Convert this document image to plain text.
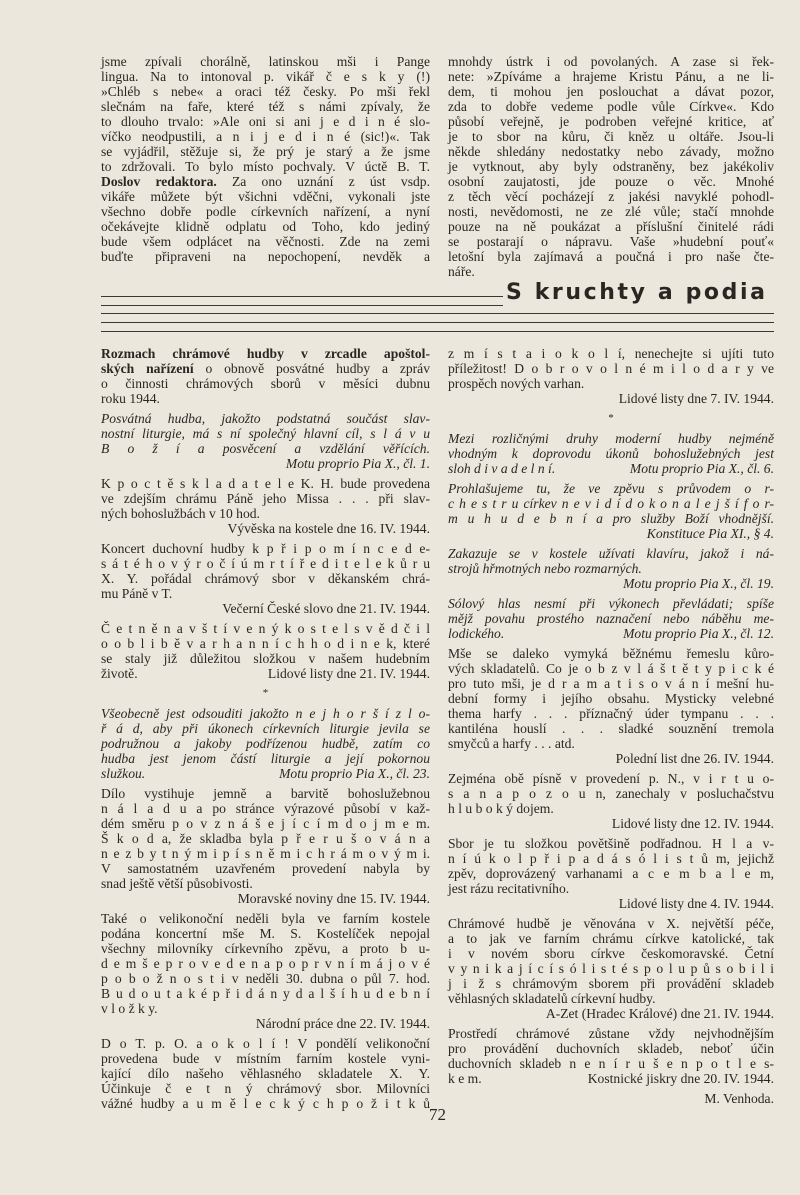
jsme zpívali chorálně, latinskou mši i Pange
lingua. Na to intonoval p. vikář č e s k y (!)
»Chléb s nebe« a oraci též česky. Po mši řekl
slečnám na faře, které též s námi zpívaly, že
to dlouho trvalo: »Ale oni si ani j e d i n é slo-
víčko neodpustili, a n i j e d i n é (sic!)«. Tak
se vyjádřil, stěžuje si, že prý je starý a že jsme
to zdržovali. To bylo místo pochvaly. V úctě B. T.
Doslov redaktora. Za ono uznání z úst vsdp.
vikáře můžete být všichni vděčni, vykonali jste
všechno dobře podle církevních nařízení, a nyní
očekávejte klidně odplatu od Toho, kdo jediný
bude všem odplácet na věčnosti. Zde na zemi
buďte připraveni na nepochopení, nevděk a
mnohdy ústrk i od povolaných. A zase si řek-
nete: »Zpíváme a hrajeme Kristu Pánu, a ne li-
dem, ti mohou jen poslouchat a dávat pozor,
zda to dobře vedeme podle vůle Církve«. Kdo
působí veřejně, je podroben veřejné kritice, ať
je to sbor na kůru, či kněz u oltáře. Jsou-li
někde shledány nedostatky nebo závady, možno
je vytknout, aby byly odstraněny, bez jakékoliv
osobní zaujatosti, jde pouze o věc. Mnohé
z těch věcí pocházejí z jakési navyklé pohodl-
nosti, nevědomosti, ne ze zlé vůle; stačí mnohde
pouze na ně poukázat a příslušní činitelé rádi
se postarají o nápravu. Vaše »hudební pouť«
letošní byla zajímavá a poučná i pro naše čte-
náře.
S kruchty a podia
Rozmach chrámové hudby v zrcadle apoštol-
ských nařízení o obnově posvátné hudby a zpráv
o činnosti chrámových sborů v měsíci dubnu
roku 1944.
Posvátná hudba, jakožto podstatná součást slav-
nostní liturgie, má s ní společný hlavní cíl, s l á v u
B o ž í a posvěcení a vzdělání věřících.
Motu proprio Pia X., čl. 1.
K p o c t ě s k l a d a t e l e K. H. bude provedena
ve zdejším chrámu Páně jeho Missa . . . při slav-
ných bohoslužbách v 10 hod.
Vývěska na kostele dne 16. IV. 1944.
Koncert duchovní hudby k p ř i p o m í n c e d e-
s á t é h o v ý r o č í ú m r t í ř e d i t e l e k ů r u
X. Y. pořádal chrámový sbor v děkanském chrá-
mu Páně v T.
Večerní České slovo dne 21. IV. 1944.
Č e t n ě n a v š t í v e n ý k o s t e l s v ě d č i l
o o b l i b ě v a r h a n n í c h h o d i n e k, které
se staly již důležitou složkou v našem hudebním
životě.	Lidové listy dne 21. IV. 1944.
*
Všeobecně jest odsouditi jakožto n e j h o r š í z l o-
ř á d, aby při úkonech církevních liturgie jevila se
podružnou a jakoby podřízenou hudbě, zatím co
hudba jest jenom částí liturgie a její pokornou
služkou.	Motu proprio Pia X., čl. 23.
Dílo vystihuje jemně a barvitě bohoslužebnou
n á l a d u a po stránce výrazové působí v kaž-
dém směru p o v z n á š e j í c í m d o j m e m.
Š k o d a, že skladba byla p ř e r u š o v á n a
n e z b y t n ý m i p í s n ě m i c h r á m o v ý m i.
V samostatném uzavřeném provedení nabyla by
snad ještě větší působivosti.
Moravské noviny dne 15. IV. 1944.
Také o velikonoční neděli byla ve farním kostele
podána koncertní mše M. S. Kostelíček nepojal
všechny milovníky církevního zpěvu, a proto b u-
d e m š e p r o v e d e n a p o p r v n í m á j o v é
p o b o ž n o s t i v neděli 30. dubna o půl 7. hod.
B u d o u t a k é p ř i d á n y d a l š í h u d e b n í
v l o ž k y.
Národní práce dne 22. IV. 1944.
D o T. p. O. a o k o l í ! V pondělí velikonoční
provedena bude v místním farním kostele vyni-
kající dílo našeho věhlasného skladatele X. Y.
Účinkuje č e t n ý chrámový sbor. Milovníci
vážné hudby a u m ě l e c k ý c h p o ž i t k ů
z m í s t a i o k o l í, nenechejte si ujíti tuto
příležitost! D o b r o v o l n é m i l o d a r y ve
prospěch nových varhan.
Lidové listy dne 7. IV. 1944.
*
Mezi rozličnými druhy moderní hudby nejméně
vhodným k doprovodu úkonů bohoslužebných jest
sloh d i v a d e l n í.	Motu proprio Pia X., čl. 6.
Prohlašujeme tu, že ve zpěvu s průvodem o r-
c h e s t r u církev n e v i d í d o k o n a l e j š í f o r-
m u h u d e b n í a pro služby Boží vhodnější.
Konstituce Pia XI., § 4.
Zakazuje se v kostele užívati klavíru, jakož i ná-
strojů hřmotných nebo rozmarných.
Motu proprio Pia X., čl. 19.
Sólový hlas nesmí při výkonech převládati; spíše
mějž povahu prostého naznačení nebo náběhu me-
lodického.	Motu proprio Pia X., čl. 12.
Mše se daleko vymyká běžnému řemeslu kůro-
vých skladatelů. Co je o b z v l á š t ě t y p i c k é
pro tuto mši, je d r a m a t i s o v á n í mešní hu-
dební formy i jejího obsahu. Mysticky velebné
thema harfy . . . příznačný úder tympanu . . .
kantiléna houslí . . . sladké souznění tremola
smyčců a harfy . . . atd.
Polední list dne 26. IV. 1944.
Zejména obě písně v provedení p. N., v i r t u o-
s a n a p o z o u n, zanechaly v posluchačstvu
h l u b o k ý dojem.
Lidové listy dne 12. IV. 1944.
Sbor je tu složkou povětšině podřadnou. H l a v-
n í ú k o l p ř i p a d á s ó l i s t ů m, jejichž
zpěv, doprovázený varhanami a c e m b a l e m,
jest rázu recitativního.
Lidové listy dne 4. IV. 1944.
Chrámové hudbě je věnována v X. největší péče,
a to jak ve farním chrámu církve katolické, tak
i v novém sboru církve českomoravské. Četní
v y n i k a j í c í s ó l i s t é s p o l u p ů s o b i l i
j i ž s chrámovým sborem při provádění skladeb
věhlasných skladatelů církevní hudby.
A-Zet (Hradec Králové) dne 21. IV. 1944.
Prostředí chrámové zůstane vždy nejvhodnějším
pro provádění duchovních skladeb, neboť účin
duchovních skladeb n e n í r u š e n p o t l e s-
k e m.	Kostnické jiskry dne 20. IV. 1944.
M. Venhoda.
72
